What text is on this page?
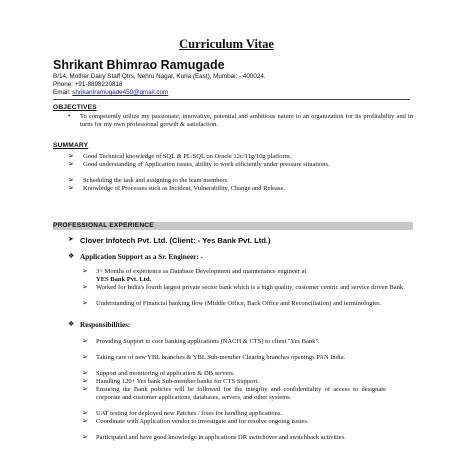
Curriculum Vitae
Shrikant Bhimrao Ramugade
B/14, Mother Dairy Staff Qtrs, Nehru Nagar, Kurla (East), Mumbai: - 400024.
Phone: +91-8898220818
Email: shrikantramugade459@gmail.com
OBJECTIVES
• To competently utilize my passionate, innovative, potential and ambitious nature to an organization for its profitability and in turns for my own professional growth & satisfaction.
SUMMARY
➢ Good Technical knowledge of SQL & PL/SQL on Oracle 12c/11g/10g platform.
➢ Good understanding of Application issues, ability to work efficiently under pressure situations.
➢ Scheduling the task and assigning to the team members.
➢ Knowledge of Processes such as Incident, Vulnerability, Change and Release.
PROFESSIONAL EXPERIENCE
➤ Clover Infotech Pvt. Ltd. (Client: - Yes Bank Pvt. Ltd.)
❖ Application Support as a Sr. Engineer: -
➢ 3+ Months of experience as Database Development and maintenance engineer at
YES Bank Pvt. Ltd.
➢ Worked for India's fourth largest private sector bank which is a high quality, customer centric and service driven Bank.
➢ Understanding of Financial banking flow (Middle Office, Back Office and Reconciliation) and terminologies.
❖ Responsibilities:
➢ Providing Support to core banking applications (NACH & CTS) to client "Yes Bank".
➢ Taking care of new YBL branches & YBL Sub-member Clearing branches openings PAN India.
➢ Support and monitoring of application & DB servers.
➢ Handling 120+ Yes bank Sub-member banks for CTS Support.
➢ Ensuring the Bank policies will be followed for the integrity and confidentiality of access to designate corporate and customer applications, databases, servers, and other systems.
➢ UAT testing for deployed new Patches / fixes for handling applications.
➢ Coordinate with Application vendor to investigate and for resolve ongoing issues.
➢ Participated and have good knowledge in applications DR switchover and switchback activities.
